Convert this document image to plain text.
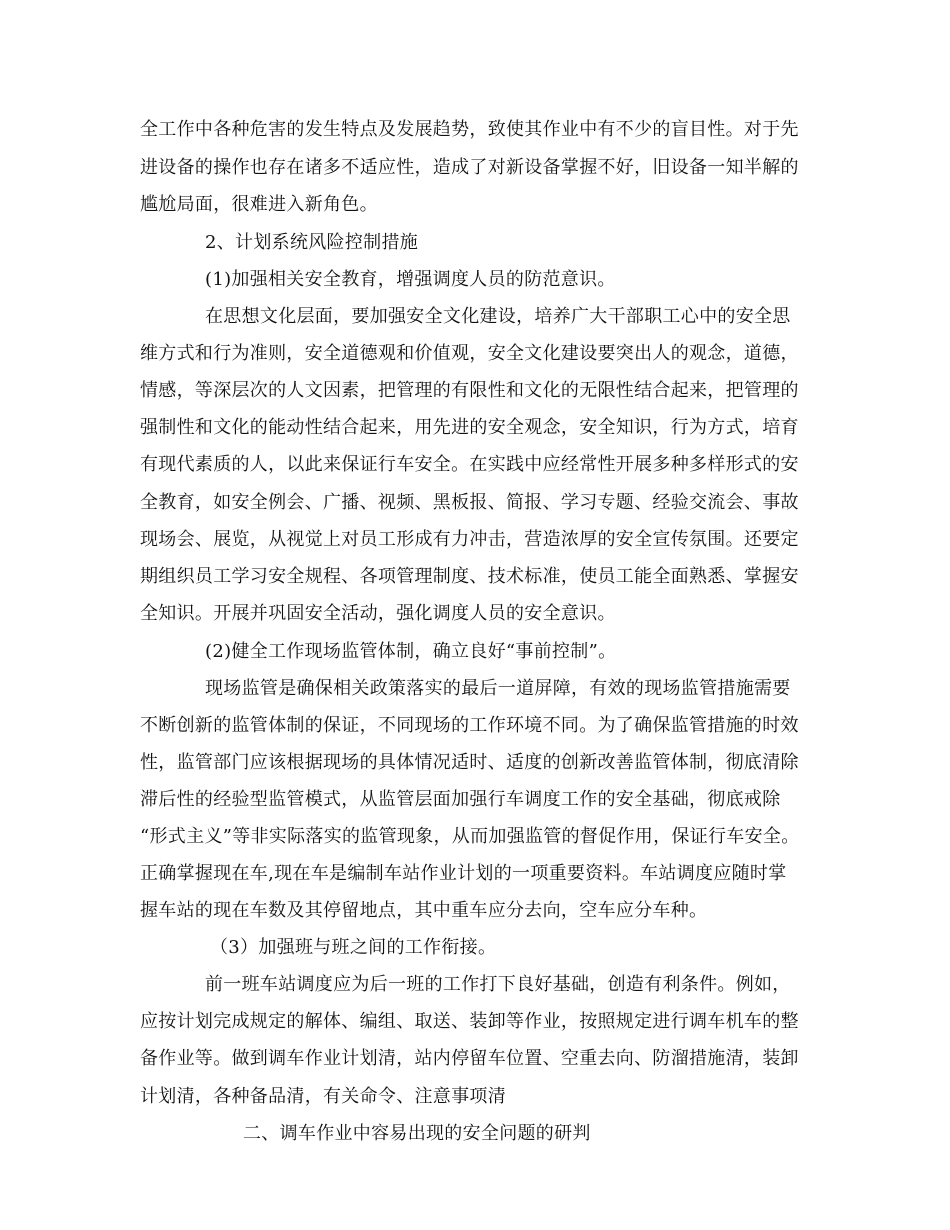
全工作中各种危害的发生特点及发展趋势，致使其作业中有不少的盲目性。对于先
进设备的操作也存在诸多不适应性，造成了对新设备掌握不好，旧设备一知半解的
尴尬局面，很难进入新角色。
2、计划系统风险控制措施
(1)加强相关安全教育，增强调度人员的防范意识。
在思想文化层面，要加强安全文化建设，培养广大干部职工心中的安全思
维方式和行为准则，安全道德观和价值观，安全文化建设要突出人的观念，道德，
情感，等深层次的人文因素，把管理的有限性和文化的无限性结合起来，把管理的
强制性和文化的能动性结合起来，用先进的安全观念，安全知识，行为方式，培育
有现代素质的人，以此来保证行车安全。在实践中应经常性开展多种多样形式的安
全教育，如安全例会、广播、视频、黑板报、简报、学习专题、经验交流会、事故
现场会、展览，从视觉上对员工形成有力冲击，营造浓厚的安全宣传氛围。还要定
期组织员工学习安全规程、各项管理制度、技术标准，使员工能全面熟悉、掌握安
全知识。开展并巩固安全活动，强化调度人员的安全意识。
(2)健全工作现场监管体制，确立良好“事前控制”。
现场监管是确保相关政策落实的最后一道屏障，有效的现场监管措施需要
不断创新的监管体制的保证，不同现场的工作环境不同。为了确保监管措施的时效
性，监管部门应该根据现场的具体情况适时、适度的创新改善监管体制，彻底清除
滞后性的经验型监管模式，从监管层面加强行车调度工作的安全基础，彻底戒除
“形式主义”等非实际落实的监管现象，从而加强监管的督促作用，保证行车安全。
正确掌握现在车,现在车是编制车站作业计划的一项重要资料。车站调度应随时掌
握车站的现在车数及其停留地点，其中重车应分去向，空车应分车种。
（3）加强班与班之间的工作衔接。
前一班车站调度应为后一班的工作打下良好基础，创造有利条件。例如，
应按计划完成规定的解体、编组、取送、装卸等作业，按照规定进行调车机车的整
备作业等。做到调车作业计划清，站内停留车位置、空重去向、防溜措施清，装卸
计划清，各种备品清，有关命令、注意事项清
二、调车作业中容易出现的安全问题的研判
